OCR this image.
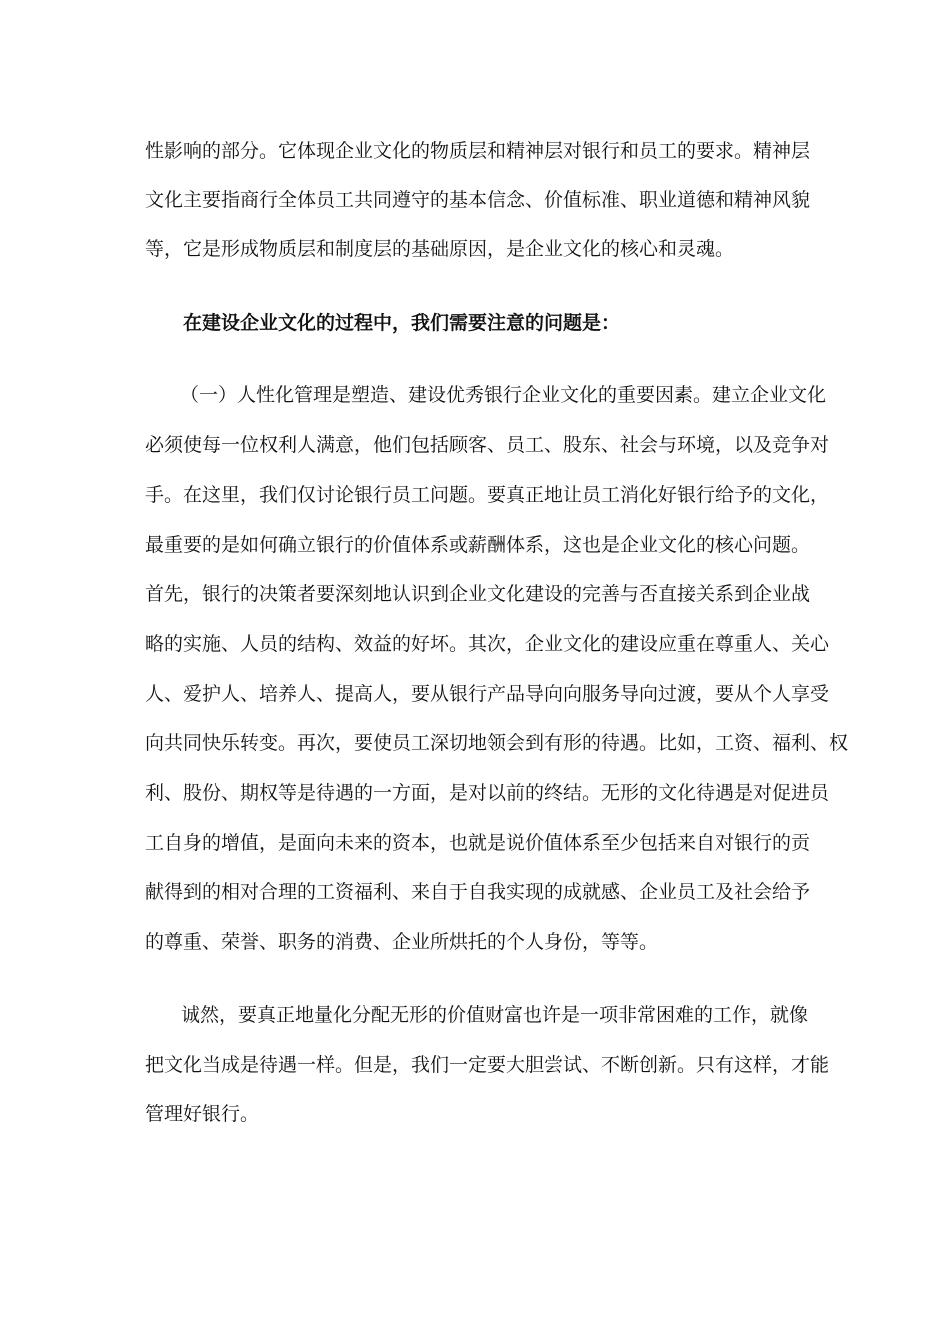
性影响的部分。它体现企业文化的物质层和精神层对银行和员工的要求。精神层
文化主要指商行全体员工共同遵守的基本信念、价值标准、职业道德和精神风貌
等，它是形成物质层和制度层的基础原因，是企业文化的核心和灵魂。
在建设企业文化的过程中，我们需要注意的问题是：
（一）人性化管理是塑造、建设优秀银行企业文化的重要因素。建立企业文化
必须使每一位权利人满意，他们包括顾客、员工、股东、社会与环境，以及竞争对
手。在这里，我们仅讨论银行员工问题。要真正地让员工消化好银行给予的文化，
最重要的是如何确立银行的价值体系或薪酬体系，这也是企业文化的核心问题。
首先，银行的决策者要深刻地认识到企业文化建设的完善与否直接关系到企业战
略的实施、人员的结构、效益的好坏。其次，企业文化的建设应重在尊重人、关心
人、爱护人、培养人、提高人，要从银行产品导向向服务导向过渡，要从个人享受
向共同快乐转变。再次，要使员工深切地领会到有形的待遇。比如，工资、福利、权
利、股份、期权等是待遇的一方面，是对以前的终结。无形的文化待遇是对促进员
工自身的增值，是面向未来的资本，也就是说价值体系至少包括来自对银行的贡
献得到的相对合理的工资福利、来自于自我实现的成就感、企业员工及社会给予
的尊重、荣誉、职务的消费、企业所烘托的个人身份，等等。
诚然，要真正地量化分配无形的价值财富也许是一项非常困难的工作，就像
把文化当成是待遇一样。但是，我们一定要大胆尝试、不断创新。只有这样，才能
管理好银行。
